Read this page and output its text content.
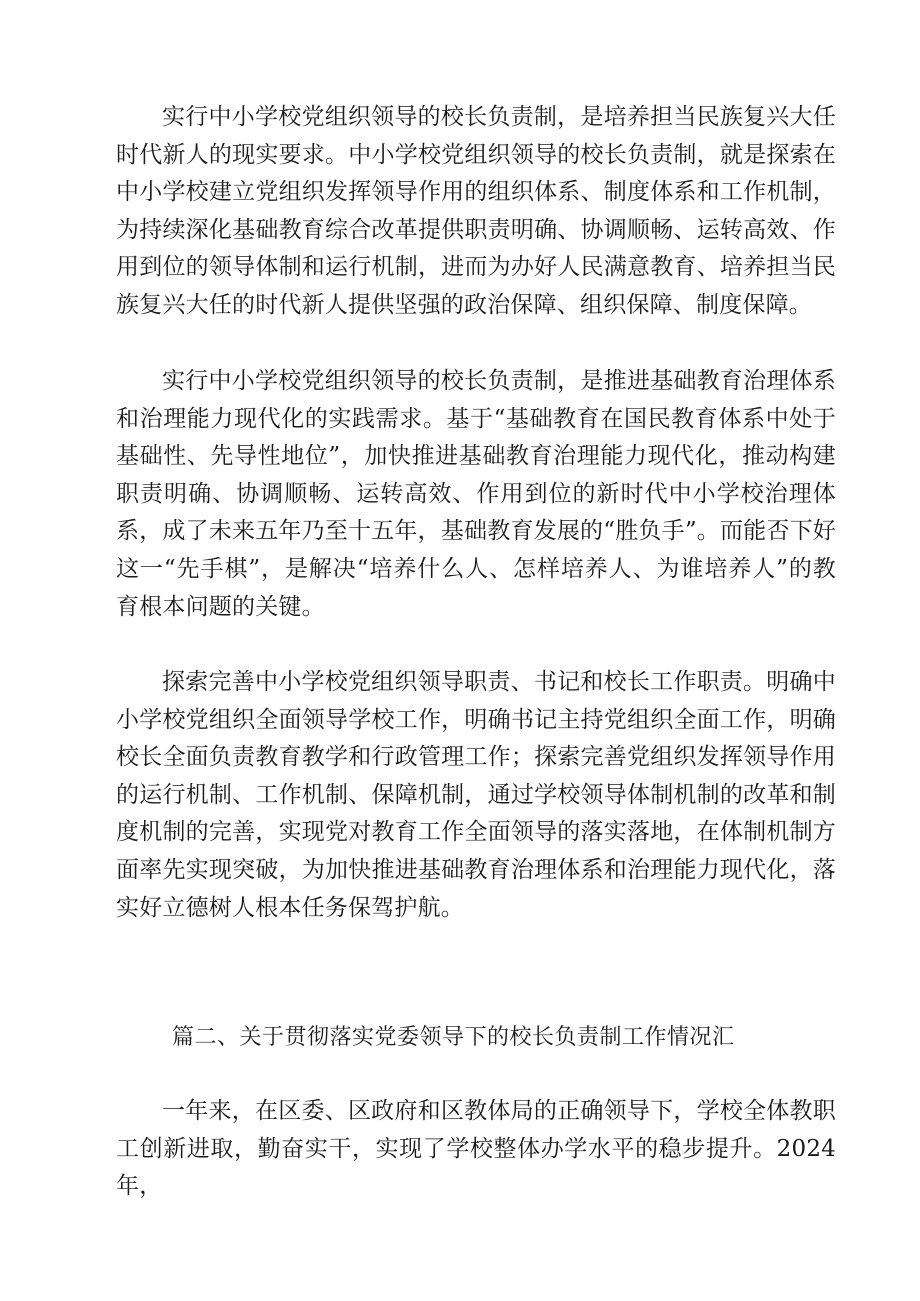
实行中小学校党组织领导的校长负责制，是培养担当民族复兴大任时代新人的现实要求。中小学校党组织领导的校长负责制，就是探索在中小学校建立党组织发挥领导作用的组织体系、制度体系和工作机制，为持续深化基础教育综合改革提供职责明确、协调顺畅、运转高效、作用到位的领导体制和运行机制，进而为办好人民满意教育、培养担当民族复兴大任的时代新人提供坚强的政治保障、组织保障、制度保障。

实行中小学校党组织领导的校长负责制，是推进基础教育治理体系和治理能力现代化的实践需求。基于“基础教育在国民教育体系中处于基础性、先导性地位”，加快推进基础教育治理能力现代化，推动构建职责明确、协调顺畅、运转高效、作用到位的新时代中小学校治理体系，成了未来五年乃至十五年，基础教育发展的“胜负手”。而能否下好这一“先手棋”，是解决“培养什么人、怎样培养人、为谁培养人”的教育根本问题的关键。

探索完善中小学校党组织领导职责、书记和校长工作职责。明确中小学校党组织全面领导学校工作，明确书记主持党组织全面工作，明确校长全面负责教育教学和行政管理工作；探索完善党组织发挥领导作用的运行机制、工作机制、保障机制，通过学校领导体制机制的改革和制度机制的完善，实现党对教育工作全面领导的落实落地，在体制机制方面率先实现突破，为加快推进基础教育治理体系和治理能力现代化，落实好立德树人根本任务保驾护航。

篇二、关于贯彻落实党委领导下的校长负责制工作情况汇

一年来，在区委、区政府和区教体局的正确领导下，学校全体教职工创新进取，勤奋实干，实现了学校整体办学水平的稳步提升。2024年，
